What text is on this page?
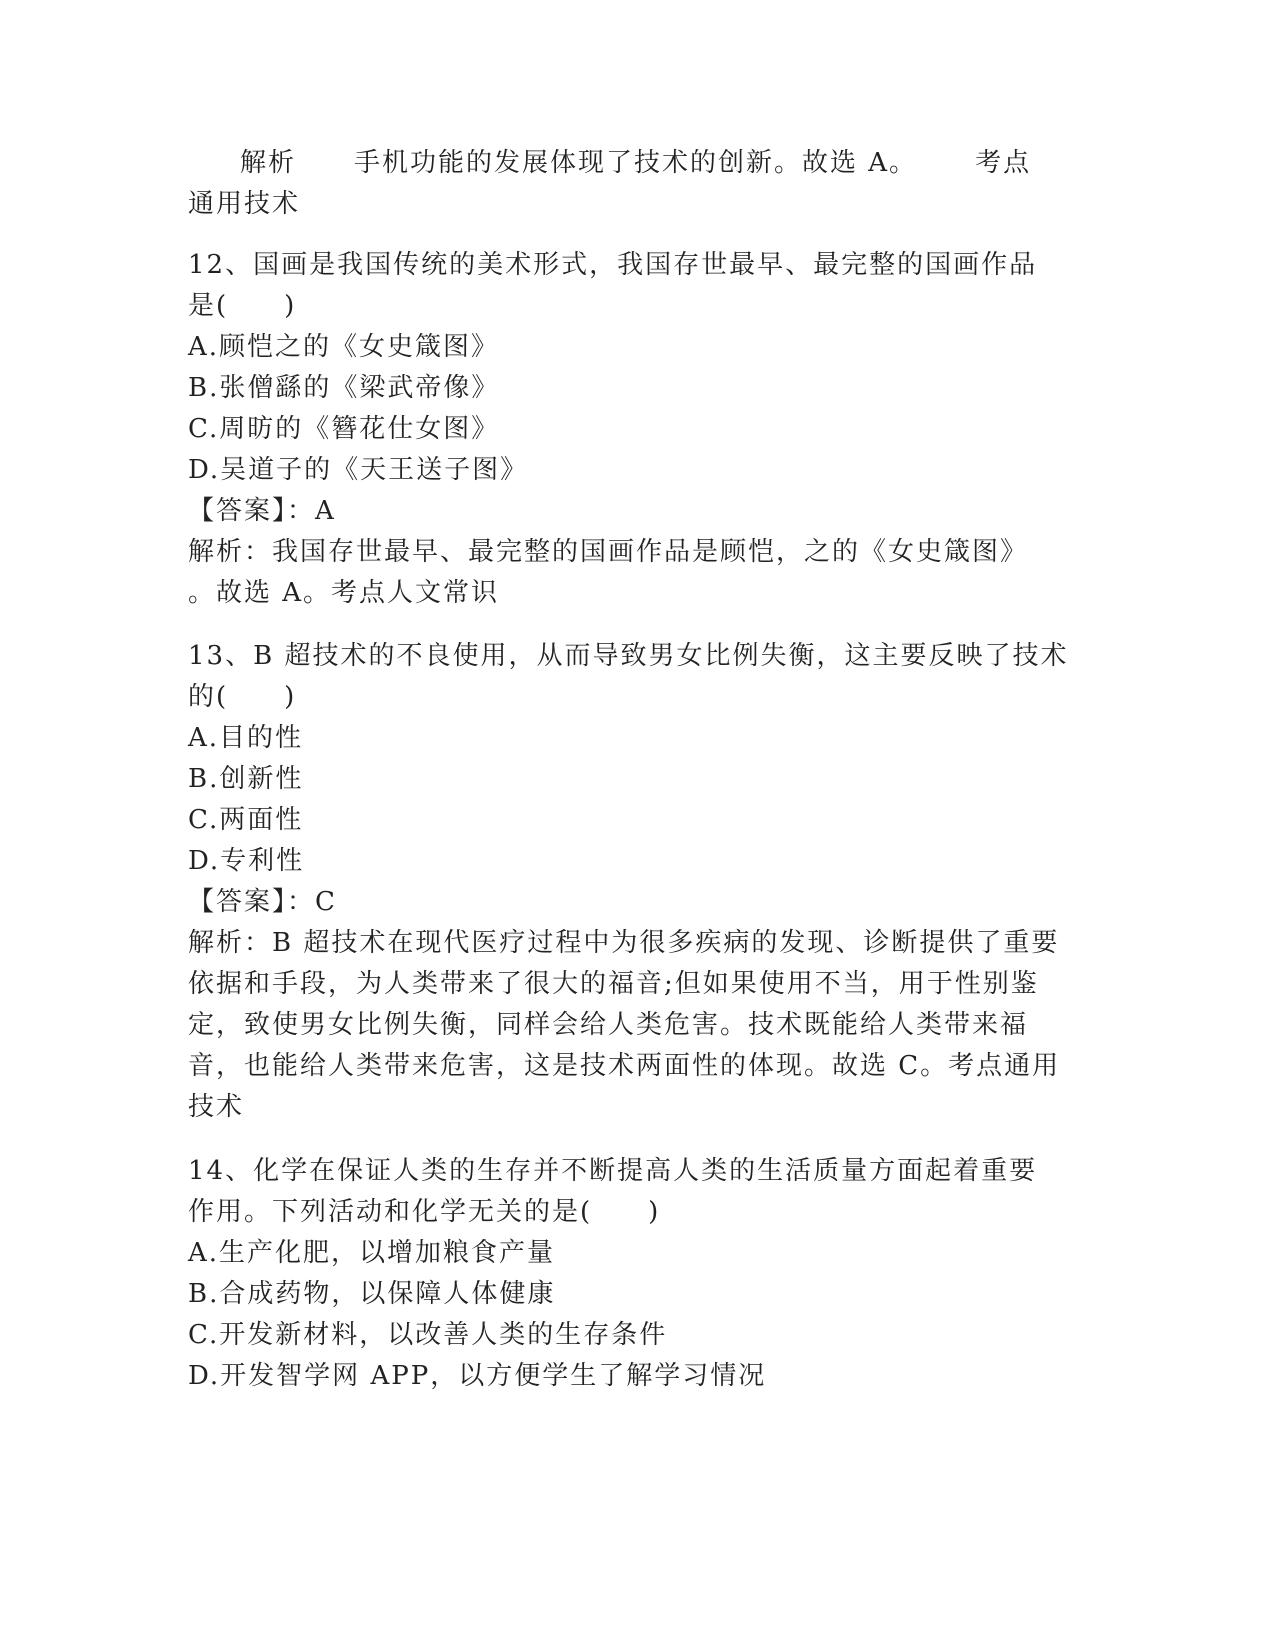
解析 手机功能的发展体现了技术的创新。故选 A。 考点
通用技术
12、国画是我国传统的美术形式，我国存世最早、最完整的国画作品
是(　　)
A.顾恺之的《女史箴图》
B.张僧繇的《梁武帝像》
C.周昉的《簪花仕女图》
D.吴道子的《天王送子图》
【答案】：A
解析：我国存世最早、最完整的国画作品是顾恺，之的《女史箴图》
。故选 A。考点人文常识
13、B 超技术的不良使用，从而导致男女比例失衡，这主要反映了技术
的(　　)
A.目的性
B.创新性
C.两面性
D.专利性
【答案】：C
解析：B 超技术在现代医疗过程中为很多疾病的发现、诊断提供了重要
依据和手段，为人类带来了很大的福音;但如果使用不当，用于性别鉴
定，致使男女比例失衡，同样会给人类危害。技术既能给人类带来福
音，也能给人类带来危害，这是技术两面性的体现。故选 C。考点通用
技术
14、化学在保证人类的生存并不断提高人类的生活质量方面起着重要
作用。下列活动和化学无关的是(　　)
A.生产化肥，以增加粮食产量
B.合成药物，以保障人体健康
C.开发新材料，以改善人类的生存条件
D.开发智学网 APP，以方便学生了解学习情况
